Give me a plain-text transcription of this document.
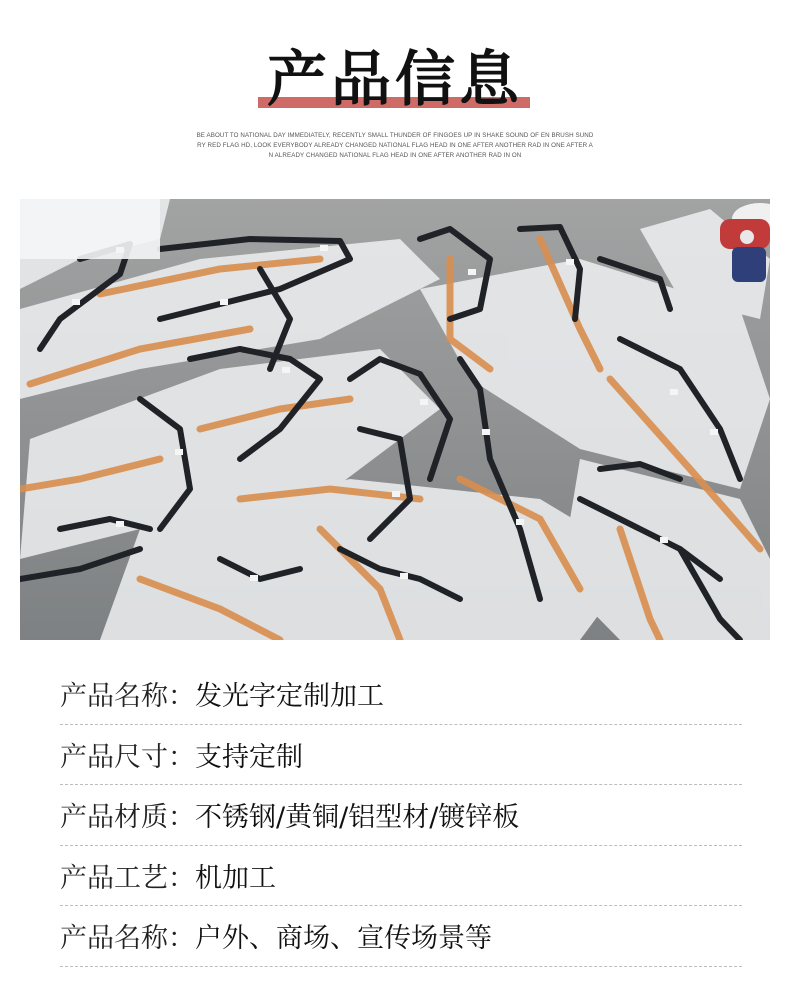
产品信息
BE ABOUT TO NATIONAL DAY IMMEDIATELY, RECENTLY SMALL THUNDER OF FINGOES UP IN SHAKE SOUND OF EN BRUSH SUNDRY RED FLAG HD, LOOK EVERYBODY ALREADY CHANGED NATIONAL FLAG HEAD IN ONE AFTER ANOTHER RAD IN ONE AFTER AN ALREADY CHANGED NATIONAL FLAG HEAD IN ONE AFTER ANOTHER RAD IN ON
产品名称： 发光字定制加工
产品尺寸： 支持定制
产品材质： 不锈钢/黄铜/铝型材/镀锌板
产品工艺： 机加工
产品名称： 户外、商场、宣传场景等
